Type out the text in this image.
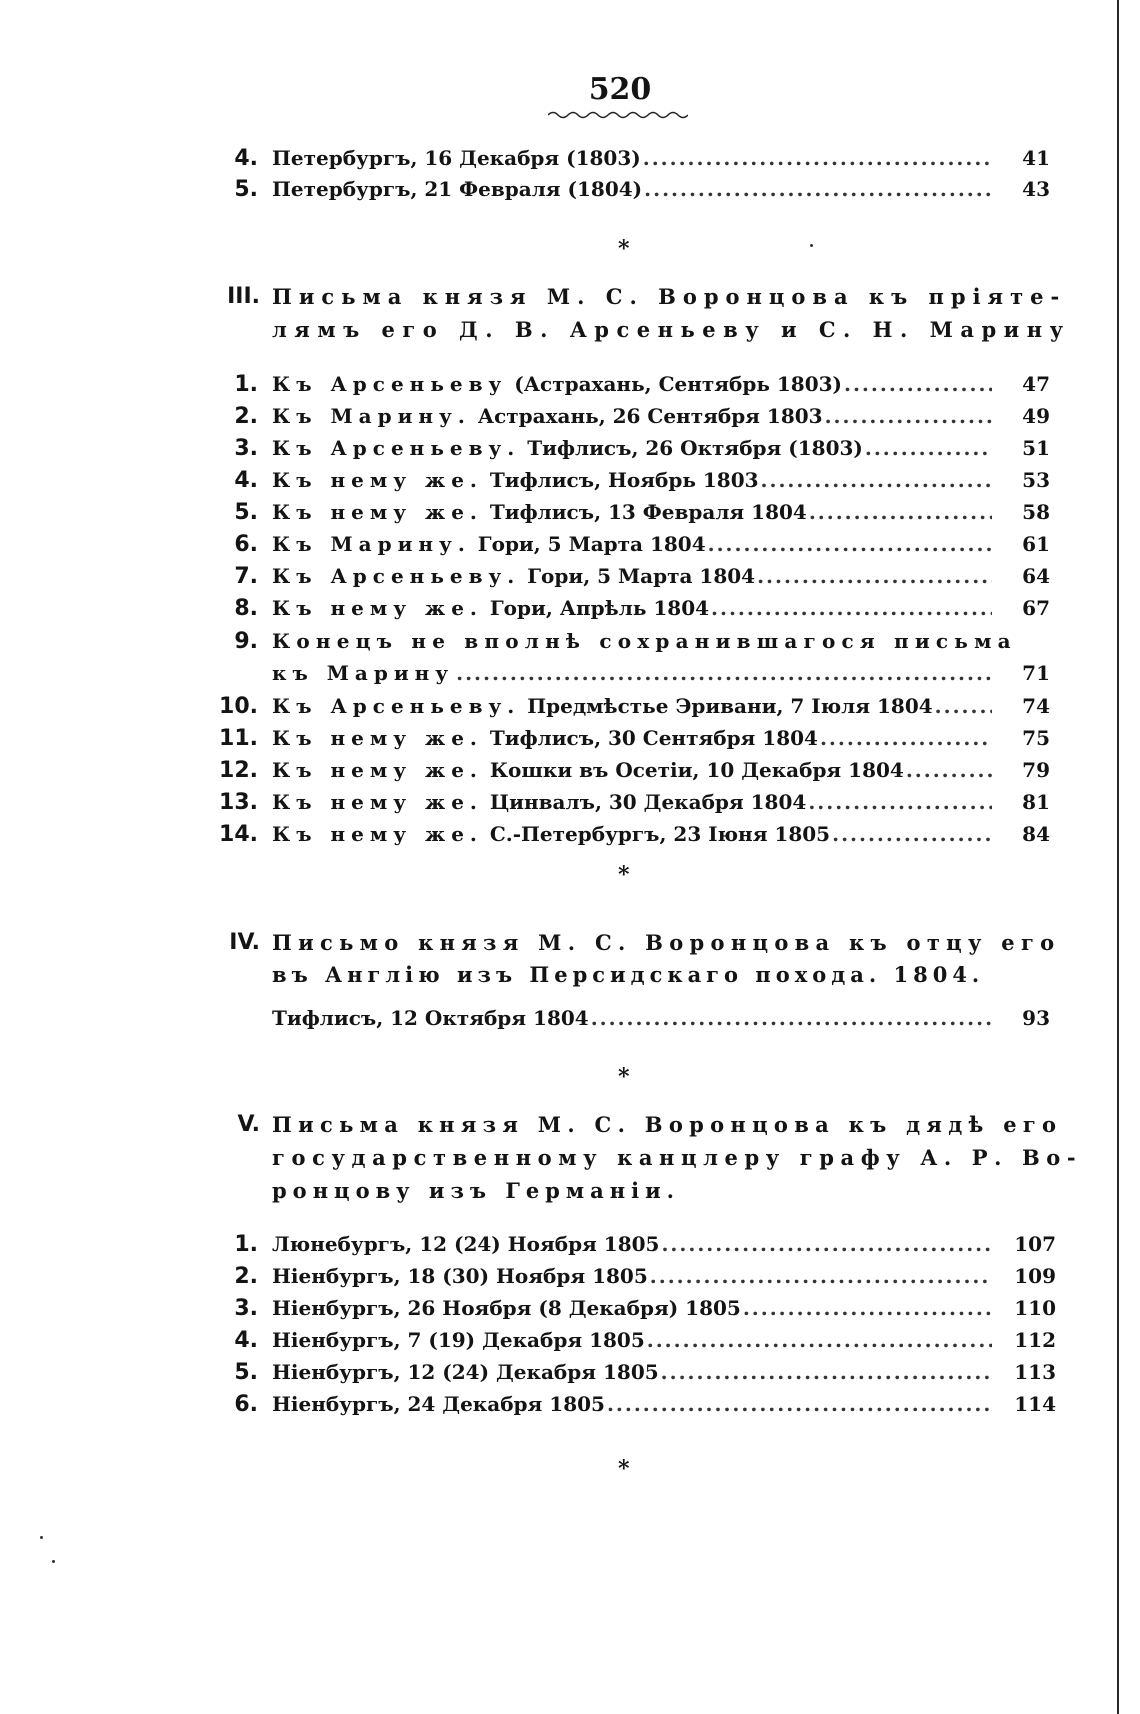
520
4. Петербургъ, 16 Декабря (1803) .....	41
5. Петербургъ, 21 Февраля (1804) .....	43
*
III. Письма князя М. С. Воронцова къ пріяте-
лямъ его Д. В. Арсеньеву и С. Н. Марину
1. Къ Арсеньеву (Астрахань, Сентябрь 1803) .....	47
2. Къ Марину. Астрахань, 26 Сентября 1803 .....	49
3. Къ Арсеньеву. Тифлисъ, 26 Октября (1803) .....	51
4. Къ нему же. Тифлисъ, Ноябрь 1803 .....	53
5. Къ нему же. Тифлисъ, 13 Февраля 1804 .....	58
6. Къ Марину. Гори, 5 Марта 1804 .....	61
7. Къ Арсеньеву. Гори, 5 Марта 1804 .....	64
8. Къ нему же. Гори, Апрѣль 1804 .....	67
9. Конецъ не вполнѣ сохранившагося письма
къ Марину .....	71
10. Къ Арсеньеву. Предмѣстье Эривани, 7 Іюля 1804 .....	74
11. Къ нему же. Тифлисъ, 30 Сентября 1804 .....	75
12. Къ нему же. Кошки въ Осетіи, 10 Декабря 1804 .....	79
13. Къ нему же. Цинвалъ, 30 Декабря 1804 .....	81
14. Къ нему же. С.-Петербургъ, 23 Іюня 1805 .....	84
*
IV. Письмо князя М. С. Воронцова къ отцу его
въ Англію изъ Персидскаго похода. 1804.
Тифлисъ, 12 Октября 1804 .....	93
*
V. Письма князя М. С. Воронцова къ дядѣ его
государственному канцлеру графу А. Р. Во-
ронцову изъ Германіи.
1. Люнебургъ, 12 (24) Ноября 1805 .....	107
2. Ніенбургъ, 18 (30) Ноября 1805 .....	109
3. Ніенбургъ, 26 Ноября (8 Декабря) 1805 .....	110
4. Ніенбургъ, 7 (19) Декабря 1805 .....	112
5. Ніенбургъ, 12 (24) Декабря 1805 .....	113
6. Ніенбургъ, 24 Декабря 1805 .....	114
*
